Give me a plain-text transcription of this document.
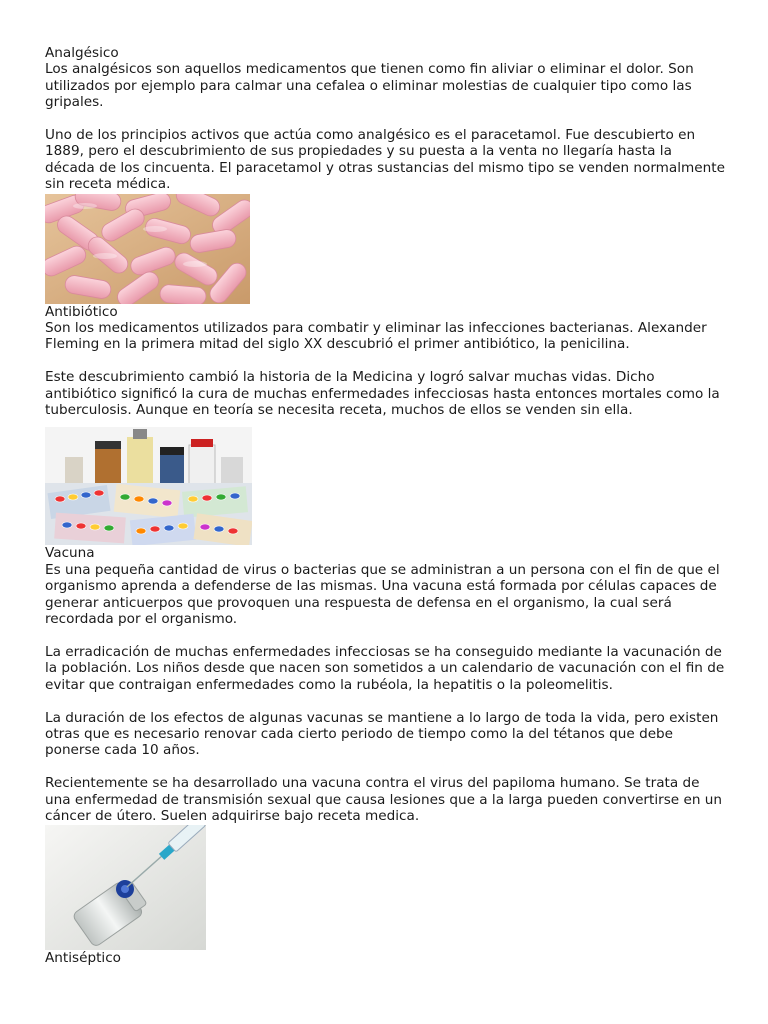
Analgésico

Los analgésicos son aquellos medicamentos que tienen como fin aliviar o eliminar el dolor. Son utilizados por ejemplo para calmar una cefalea o eliminar molestias de cualquier tipo como las gripales.

Uno de los principios activos que actúa como analgésico es el paracetamol. Fue descubierto en 1889, pero el descubrimiento de sus propiedades y su puesta a la venta no llegaría hasta la década de los cincuenta. El paracetamol y otras sustancias del mismo tipo se venden normalmente sin receta médica.

Antibiótico

Son los medicamentos utilizados para combatir y eliminar las infecciones bacterianas. Alexander Fleming en la primera mitad del siglo XX descubrió el primer antibiótico, la penicilina.

Este descubrimiento cambió la historia de la Medicina y logró salvar muchas vidas. Dicho antibiótico significó la cura de muchas enfermedades infecciosas hasta entonces mortales como la tuberculosis. Aunque en teoría se necesita receta, muchos de ellos se venden sin ella.

Vacuna

Es una pequeña cantidad de virus o bacterias que se administran a un persona con el fin de que el organismo aprenda a defenderse de las mismas. Una vacuna está formada por células capaces de generar anticuerpos que provoquen una respuesta de defensa en el organismo, la cual será recordada por el organismo.

La erradicación de muchas enfermedades infecciosas se ha conseguido mediante la vacunación de la población. Los niños desde que nacen son sometidos a un calendario de vacunación con el fin de evitar que contraigan enfermedades como la rubéola, la hepatitis o la poleomelitis.

La duración de los efectos de algunas vacunas se mantiene a lo largo de toda la vida, pero existen otras que es necesario renovar cada cierto periodo de tiempo como la del tétanos que debe ponerse cada 10 años.

Recientemente se ha desarrollado una vacuna contra el virus del papiloma humano. Se trata de una enfermedad de transmisión sexual que causa lesiones que a la larga pueden convertirse en un cáncer de útero. Suelen adquirirse bajo receta medica.

Antiséptico
